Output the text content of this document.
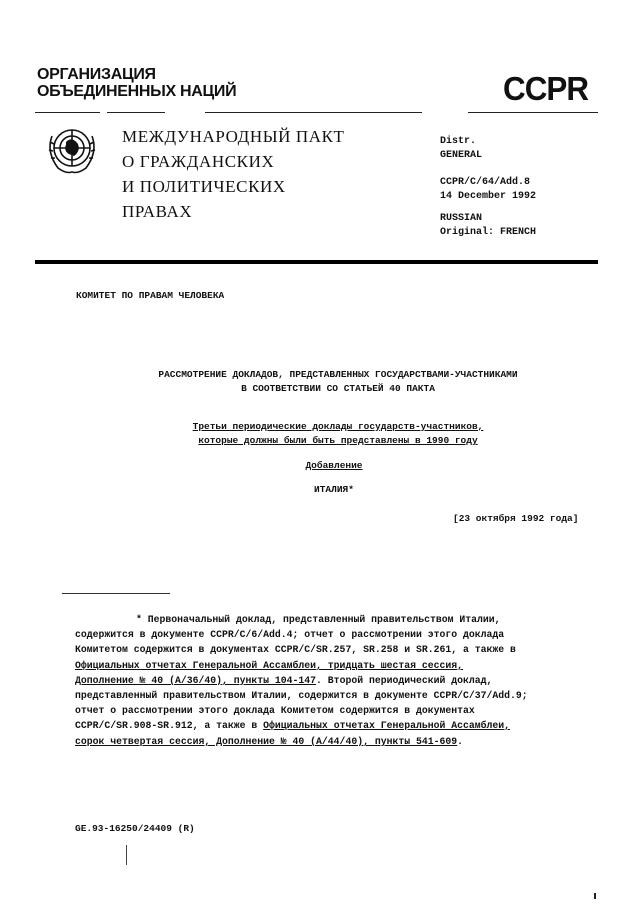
ОРГАНИЗАЦИЯ
ОБЪЕДИНЕННЫХ НАЦИЙ	CCPR
МЕЖДУНАРОДНЫЙ ПАКТ
О ГРАЖДАНСКИХ
И ПОЛИТИЧЕСКИХ
ПРАВАХ
Distr.
GENERAL
CCPR/C/64/Add.8
14 December 1992
RUSSIAN
Original: FRENCH
КОМИТЕТ ПО ПРАВАМ ЧЕЛОВЕКА
РАССМОТРЕНИЕ ДОКЛАДОВ, ПРЕДСТАВЛЕННЫХ ГОСУДАРСТВАМИ-УЧАСТНИКАМИ
В СООТВЕТСТВИИ СО СТАТЬЕЙ 40 ПАКТА
Третьи периодические доклады государств-участников,
которые должны были быть представлены в 1990 году
Добавление
ИТАЛИЯ*
[23 октября 1992 года]
* Первоначальный доклад, представленный правительством Италии,
содержится в документе CCPR/C/6/Add.4; отчет о рассмотрении этого доклада
Комитетом содержится в документах CCPR/C/SR.257, SR.258 и SR.261, а также в
Официальных отчетах Генеральной Ассамблеи, тридцать шестая сессия,
Дополнение № 40 (A/36/40), пункты 104-147. Второй периодический доклад,
представленный правительством Италии, содержится в документе CCPR/C/37/Add.9;
отчет о рассмотрении этого доклада Комитетом содержится в документах
CCPR/C/SR.908-SR.912, а также в Официальных отчетах Генеральной Ассамблеи,
сорок четвертая сессия, Дополнение № 40 (A/44/40), пункты 541-609.
GE.93-16250/24409 (R)
